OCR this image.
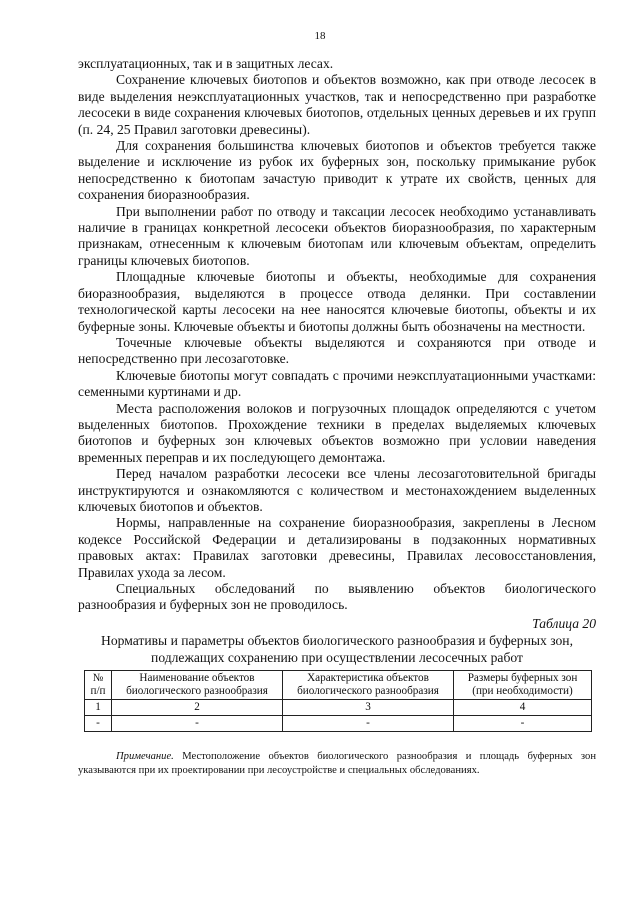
18

эксплуатационных, так и в защитных лесах.

Сохранение ключевых биотопов и объектов возможно, как при отводе лесосек в виде выделения неэксплуатационных участков, так и непосредственно при разработке лесосеки в виде сохранения ключевых биотопов, отдельных ценных деревьев и их групп (п. 24, 25 Правил заготовки древесины).

Для сохранения большинства ключевых биотопов и объектов требуется также выделение и исключение из рубок их буферных зон, поскольку примыкание рубок непосредственно к биотопам зачастую приводит к утрате их свойств, ценных для сохранения биоразнообразия.

При выполнении работ по отводу и таксации лесосек необходимо устанавливать наличие в границах конкретной лесосеки объектов биоразнообразия, по характерным признакам, отнесенным к ключевым биотопам или ключевым объектам, определить границы ключевых биотопов.

Площадные ключевые биотопы и объекты, необходимые для сохранения биоразнообразия, выделяются в процессе отвода делянки. При составлении технологической карты лесосеки на нее наносятся ключевые биотопы, объекты и их буферные зоны. Ключевые объекты и биотопы должны быть обозначены на местности.

Точечные ключевые объекты выделяются и сохраняются при отводе и непосредственно при лесозаготовке.

Ключевые биотопы могут совпадать с прочими неэксплуатационными участками: семенными куртинами и др.

Места расположения волоков и погрузочных площадок определяются с учетом выделенных биотопов. Прохождение техники в пределах выделяемых ключевых биотопов и буферных зон ключевых объектов возможно при условии наведения временных переправ и их последующего демонтажа.

Перед началом разработки лесосеки все члены лесозаготовительной бригады инструктируются и ознакомляются с количеством и местонахождением выделенных ключевых биотопов и объектов.

Нормы, направленные на сохранение биоразнообразия, закреплены в Лесном кодексе Российской Федерации и детализированы в подзаконных нормативных правовых актах: Правилах заготовки древесины, Правилах лесовосстановления, Правилах ухода за лесом.

Специальных обследований по выявлению объектов биологического разнообразия и буферных зон не проводилось.

Таблица 20
Нормативы и параметры объектов биологического разнообразия и буферных зон, подлежащих сохранению при осуществлении лесосечных работ
№ п/п	Наименование объектов биологического разнообразия	Характеристика объектов биологического разнообразия	Размеры буферных зон (при необходимости)
1	2	3	4
-	-	-	-
Примечание. Местоположение объектов биологического разнообразия и площадь буферных зон указываются при их проектировании при лесоустройстве и специальных обследованиях.
